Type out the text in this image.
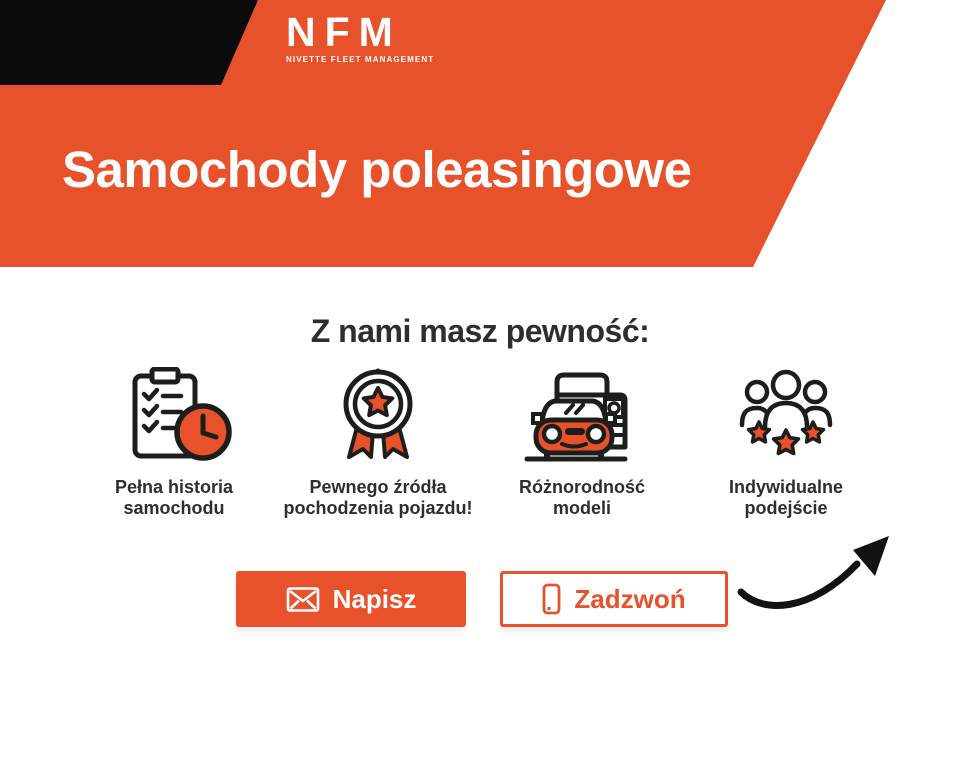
NFM
NIVETTE FLEET MANAGEMENT
Samochody poleasingowe
Z nami masz pewność:
Pełna historia
samochodu
Pewnego źródła
pochodzenia pojazdu!
Różnorodność
modeli
Indywidualne
podejście
Napisz	Zadzwoń
